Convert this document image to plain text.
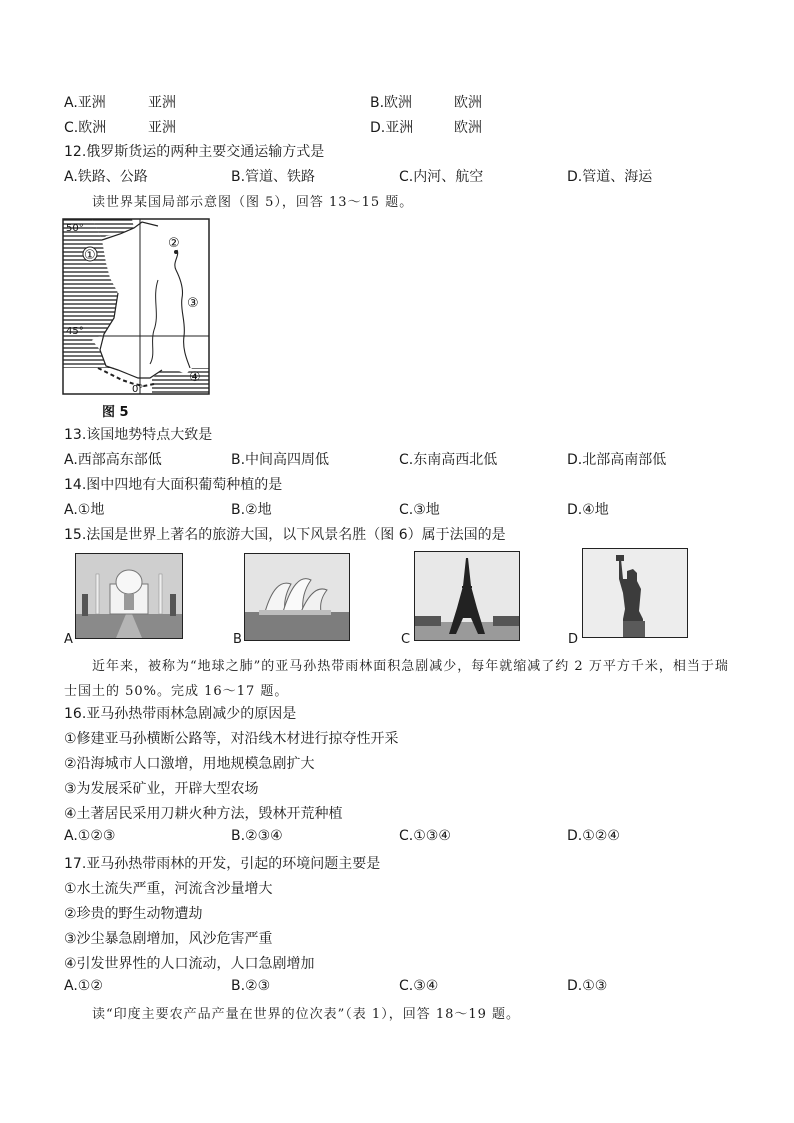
A.亚洲	亚洲	B.欧洲	欧洲
C.欧洲	亚洲	D.亚洲	欧洲
12.俄罗斯货运的两种主要交通运输方式是
A.铁路、公路	B.管道、铁路	C.内河、航空	D.管道、海运
读世界某国局部示意图（图 5），回答 13～15 题。
50°
45°
0°
①
②
③
④
图 5
13.该国地势特点大致是
A.西部高东部低	B.中间高四周低	C.东南高西北低	D.北部高南部低
14.图中四地有大面积葡萄种植的是
A.①地	B.②地	C.③地	D.④地
15.法国是世界上著名的旅游大国，以下风景名胜（图 6）属于法国的是
A	B	C	D
近年来，被称为“地球之肺”的亚马孙热带雨林面积急剧减少，每年就缩减了约 2 万平方千米，相当于瑞
士国土的 50%。完成 16～17 题。
16.亚马孙热带雨林急剧减少的原因是
①修建亚马孙横断公路等，对沿线木材进行掠夺性开采
②沿海城市人口激增，用地规模急剧扩大
③为发展采矿业，开辟大型农场
④土著居民采用刀耕火种方法，毁林开荒种植
A.①②③	B.②③④	C.①③④	D.①②④
17.亚马孙热带雨林的开发，引起的环境问题主要是
①水土流失严重，河流含沙量增大
②珍贵的野生动物遭劫
③沙尘暴急剧增加，风沙危害严重
④引发世界性的人口流动，人口急剧增加
A.①②	B.②③	C.③④	D.①③
读“印度主要农产品产量在世界的位次表”（表 1），回答 18～19 题。
